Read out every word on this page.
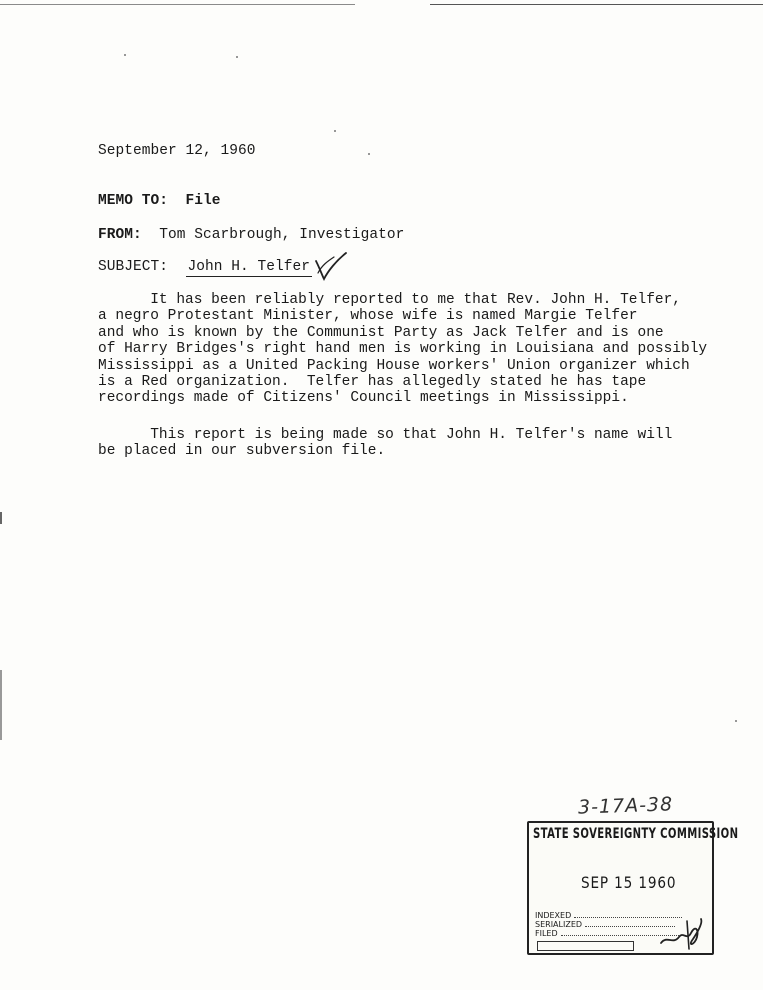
September 12, 1960
MEMO TO: File
FROM: Tom Scarbrough, Investigator
SUBJECT: John H. Telfer
It has been reliably reported to me that Rev. John H. Telfer,
a negro Protestant Minister, whose wife is named Margie Telfer
and who is known by the Communist Party as Jack Telfer and is one
of Harry Bridges's right hand men is working in Louisiana and possibly
Mississippi as a United Packing House workers' Union organizer which
is a Red organization.  Telfer has allegedly stated he has tape
recordings made of Citizens' Council meetings in Mississippi.
This report is being made so that John H. Telfer's name will
be placed in our subversion file.
3-17A-38
STATE SOVEREIGNTY COMMISSION
SEP 15 1960
INDEXED
SERIALIZED
FILED
